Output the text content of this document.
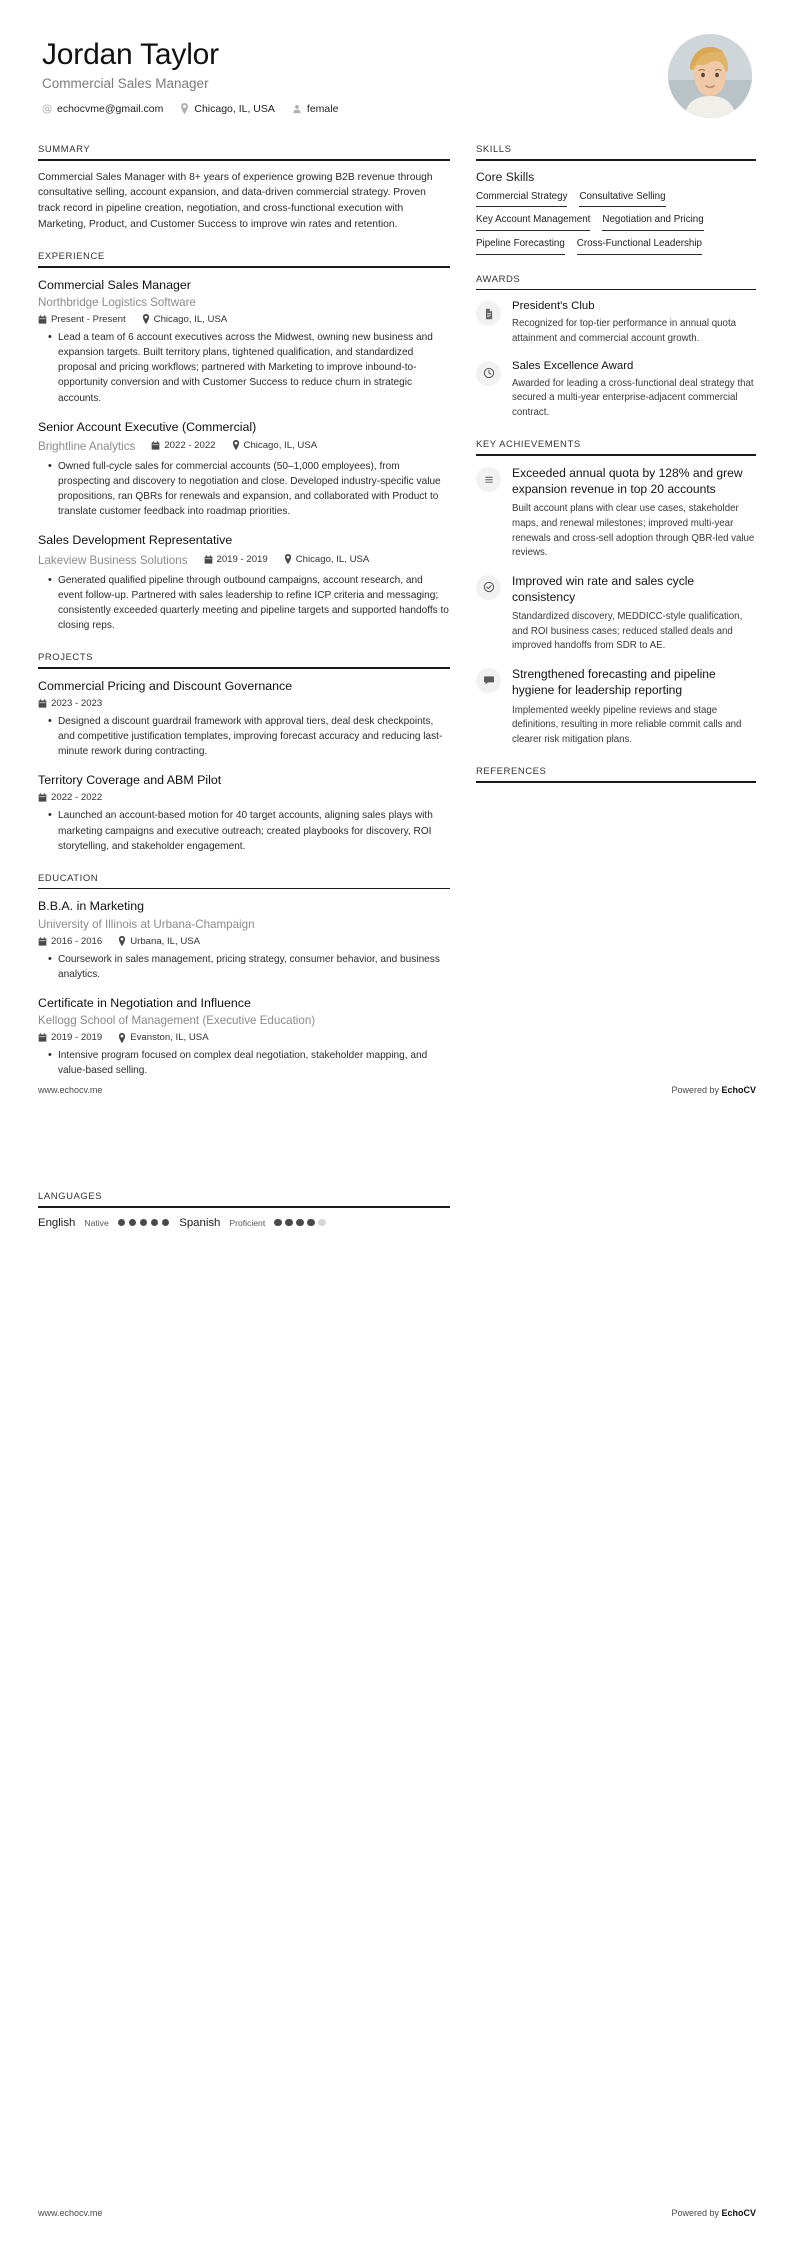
Jordan Taylor
Commercial Sales Manager
echocvme@gmail.com	Chicago, IL, USA	female
SUMMARY
Commercial Sales Manager with 8+ years of experience growing B2B revenue through consultative selling, account expansion, and data-driven commercial strategy. Proven track record in pipeline creation, negotiation, and cross-functional execution with Marketing, Product, and Customer Success to improve win rates and retention.
EXPERIENCE
Commercial Sales Manager
Northbridge Logistics Software
Present - Present	Chicago, IL, USA
• Lead a team of 6 account executives across the Midwest, owning new business and expansion targets. Built territory plans, tightened qualification, and standardized proposal and pricing workflows; partnered with Marketing to improve inbound-to-opportunity conversion and with Customer Success to reduce churn in strategic accounts.
Senior Account Executive (Commercial)
Brightline Analytics	2022 - 2022	Chicago, IL, USA
• Owned full-cycle sales for commercial accounts (50–1,000 employees), from prospecting and discovery to negotiation and close. Developed industry-specific value propositions, ran QBRs for renewals and expansion, and collaborated with Product to translate customer feedback into roadmap priorities.
Sales Development Representative
Lakeview Business Solutions	2019 - 2019	Chicago, IL, USA
• Generated qualified pipeline through outbound campaigns, account research, and event follow-up. Partnered with sales leadership to refine ICP criteria and messaging; consistently exceeded quarterly meeting and pipeline targets and supported handoffs to closing reps.
PROJECTS
Commercial Pricing and Discount Governance
2023 - 2023
• Designed a discount guardrail framework with approval tiers, deal desk checkpoints, and competitive justification templates, improving forecast accuracy and reducing last-minute rework during contracting.
Territory Coverage and ABM Pilot
2022 - 2022
• Launched an account-based motion for 40 target accounts, aligning sales plays with marketing campaigns and executive outreach; created playbooks for discovery, ROI storytelling, and stakeholder engagement.
EDUCATION
B.B.A. in Marketing
University of Illinois at Urbana-Champaign
2016 - 2016	Urbana, IL, USA
• Coursework in sales management, pricing strategy, consumer behavior, and business analytics.
Certificate in Negotiation and Influence
Kellogg School of Management (Executive Education)
2019 - 2019	Evanston, IL, USA
• Intensive program focused on complex deal negotiation, stakeholder mapping, and value-based selling.
SKILLS
Core Skills
Commercial Strategy Consultative Selling
Key Account Management Negotiation and Pricing
Pipeline Forecasting Cross-Functional Leadership
AWARDS
President's Club
Recognized for top-tier performance in annual quota attainment and commercial account growth.
Sales Excellence Award
Awarded for leading a cross-functional deal strategy that secured a multi-year enterprise-adjacent commercial contract.
KEY ACHIEVEMENTS
Exceeded annual quota by 128% and grew expansion revenue in top 20 accounts
Built account plans with clear use cases, stakeholder maps, and renewal milestones; improved multi-year renewals and cross-sell adoption through QBR-led value reviews.
Improved win rate and sales cycle consistency
Standardized discovery, MEDDICC-style qualification, and ROI business cases; reduced stalled deals and improved handoffs from SDR to AE.
Strengthened forecasting and pipeline hygiene for leadership reporting
Implemented weekly pipeline reviews and stage definitions, resulting in more reliable commit calls and clearer risk mitigation plans.
REFERENCES
www.echocv.me	Powered by EchoCV
LANGUAGES
English Native	Spanish Proficient
www.echocv.me	Powered by EchoCV
